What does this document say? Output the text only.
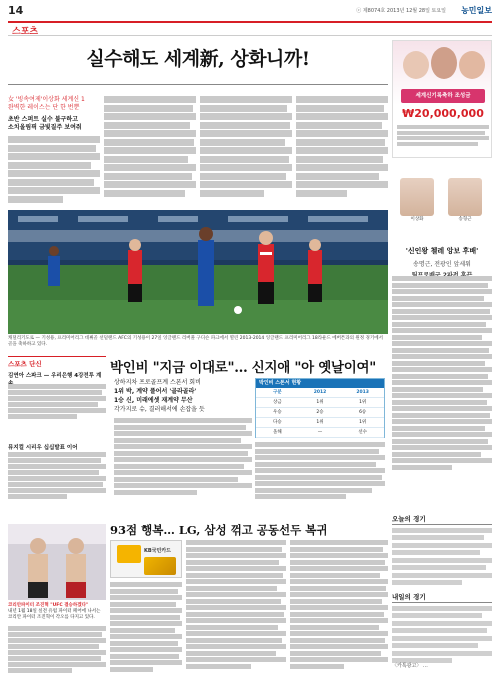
14	ⓒ 제8074호 2013년 12월 28일 토요일 농민일보
스포츠
실수해도 세계新, 상화니까!
女 '빙속여제'이상화 세계신 1
완벽한 레이스는 단 한 번뿐
초반 스퍼트 실수 불구하고
소치올림픽 금빛질주 보여줘
세계신기록축하 조성금
₩20,000,000
이상화	송형근
'신인왕 첼레 앙보 후배'
송명근, 전광인 앞세워
캐딜리기도로 — 기성용, 프리미어리그 데뷔골 선덜랜드 AFC의 기성용이 27일 잉글랜드 리버풀 구디슨 파크에서 열린 2013-2014 잉글랜드 프리미어리그 18라운드 에버튼과의 원정 경기에서 골을 축하하고 있다.
박인비 "지금 이대로"… 신지애 "아 옛날이여"
상하지차 프로골프계 스폰서 회비
1위 박, 계약 풀어서 '골라골라'
1승 신, 미래에셋 재계약 무산
각가지로 슈, 결러해서에 손잡을 듯
박인비 스폰서 현황
구분	2012	2013
상금	1위	1위
우승	2승	6승
다승	1위	1위
올해	—	선수
스포츠 단신
김연아 스파크 — 우리은행 4강전투 계
뮤지컬 시리우 십십발표 이어
코리안파이터 조진혁 "UFC 결승하겠다"
내년 1월 18일 실전 유럽 파이터 페어에 나서는 코리안 파이터 조진혁이 각오를 다지고 있다.
93점 행복… LG, 삼성 꺾고 공동선두 복귀
KB국민카드
오늘의 경기
내일의 경기
〈카톡광고〉 …
